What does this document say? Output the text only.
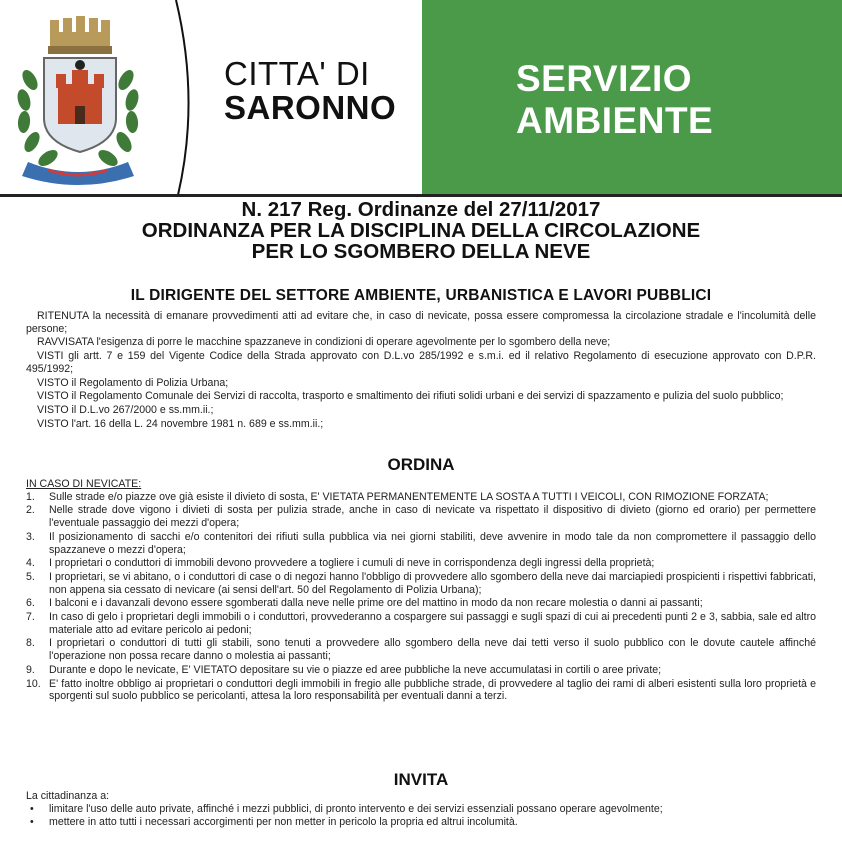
CITTA' DI
SARONNO
SERVIZIO
AMBIENTE
N. 217 Reg. Ordinanze del 27/11/2017
ORDINANZA PER LA DISCIPLINA DELLA CIRCOLAZIONE
PER LO SGOMBERO DELLA NEVE
IL DIRIGENTE DEL SETTORE AMBIENTE, URBANISTICA E LAVORI PUBBLICI

RITENUTA la necessità di emanare provvedimenti atti ad evitare che, in caso di nevicate, possa essere compromessa la circolazione stradale e l'incolumità delle persone;

RAVVISATA l'esigenza di porre le macchine spazzaneve in condizioni di operare agevolmente per lo sgombero della neve;

VISTI gli artt. 7 e 159 del Vigente Codice della Strada approvato con D.L.vo 285/1992 e s.m.i. ed il relativo Regolamento di esecuzione approvato con D.P.R. 495/1992;

VISTO il Regolamento di Polizia Urbana;

VISTO il Regolamento Comunale dei Servizi di raccolta, trasporto e smaltimento dei rifiuti solidi urbani e dei servizi di spazzamento e pulizia del suolo pubblico;

VISTO il D.L.vo 267/2000 e ss.mm.ii.;

VISTO l'art. 16 della L. 24 novembre 1981 n. 689 e ss.mm.ii.;

ORDINA

IN CASO DI NEVICATE:

1. Sulle strade e/o piazze ove già esiste il divieto di sosta, E' VIETATA PERMANENTEMENTE LA SOSTA A TUTTI I VEICOLI, CON RIMOZIONE FORZATA;
2. Nelle strade dove vigono i divieti di sosta per pulizia strade, anche in caso di nevicate va rispettato il dispositivo di divieto (giorno ed orario) per permettere l'eventuale passaggio dei mezzi d'opera;
3. Il posizionamento di sacchi e/o contenitori dei rifiuti sulla pubblica via nei giorni stabiliti, deve avvenire in modo tale da non compromettere il passaggio dello spazzaneve o mezzi d'opera;
4. I proprietari o conduttori di immobili devono provvedere a togliere i cumuli di neve in corrispondenza degli ingressi della proprietà;
5. I proprietari, se vi abitano, o i conduttori di case o di negozi hanno l'obbligo di provvedere allo sgombero della neve dai marciapiedi prospicienti i rispettivi fabbricati, non appena sia cessato di nevicare (ai sensi dell'art. 50 del Regolamento di Polizia Urbana);
6. I balconi e i davanzali devono essere sgomberati dalla neve nelle prime ore del mattino in modo da non recare molestia o danni ai passanti;
7. In caso di gelo i proprietari degli immobili o i conduttori, provvederanno a cospargere sui passaggi e sugli spazi di cui ai precedenti punti 2 e 3, sabbia, sale ed altro materiale atto ad evitare pericolo ai pedoni;
8. I proprietari o conduttori di tutti gli stabili, sono tenuti a provvedere allo sgombero della neve dai tetti verso il suolo pubblico con le dovute cautele affinché l'operazione non possa recare danno o molestia ai passanti;
9. Durante e dopo le nevicate, E' VIETATO depositare su vie o piazze ed aree pubbliche la neve accumulatasi in cortili o aree private;
10. E' fatto inoltre obbligo ai proprietari o conduttori degli immobili in fregio alle pubbliche strade, di provvedere al taglio dei rami di alberi esistenti sulla loro proprietà e sporgenti sul suolo pubblico se pericolanti, attesa la loro responsabilità per eventuali danni a terzi.
INVITA

La cittadinanza a:

• limitare l'uso delle auto private, affinché i mezzi pubblici, di pronto intervento e dei servizi essenziali possano operare agevolmente;
• mettere in atto tutti i necessari accorgimenti per non metter in pericolo la propria ed altrui incolumità.
